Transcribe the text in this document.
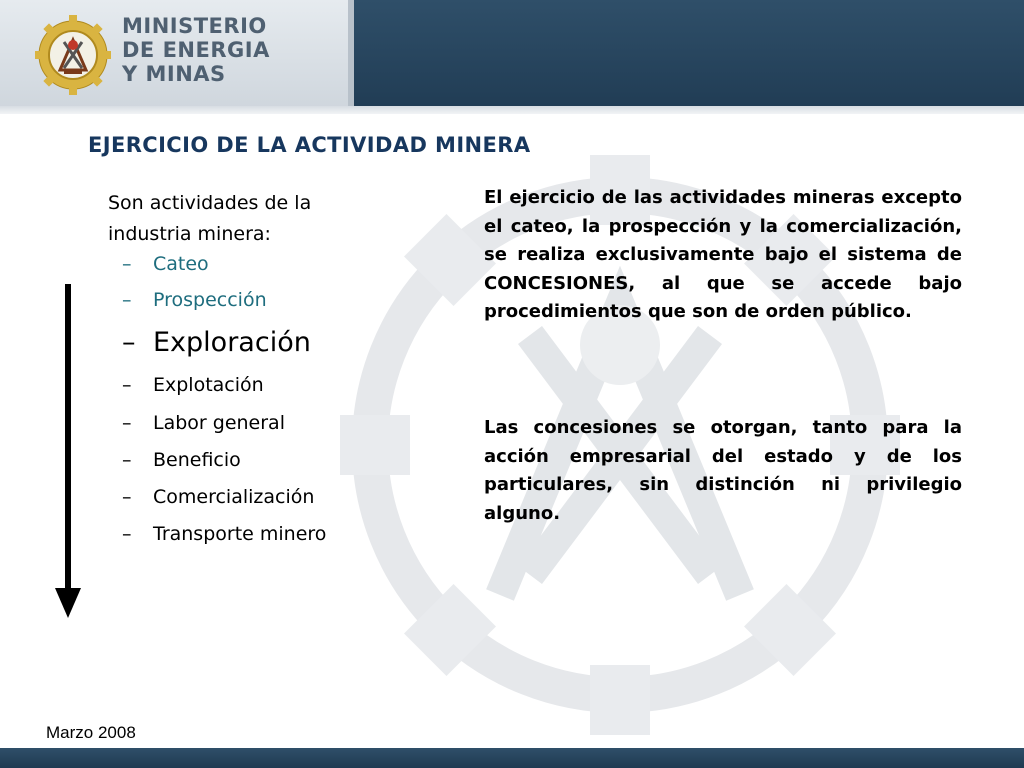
MINISTERIO
DE ENERGIA
Y MINAS
EJERCICIO DE LA ACTIVIDAD MINERA
Son actividades de la industria minera:
– Cateo
– Prospección
– Exploración
– Explotación
– Labor general
– Beneficio
– Comercialización
– Transporte minero
El ejercicio de las actividades mineras excepto el cateo, la prospección y la comercialización, se realiza exclusivamente bajo el sistema de CONCESIONES, al que se accede bajo procedimientos que son de orden público.
Las concesiones se otorgan, tanto para la acción empresarial del estado y de los particulares, sin distinción ni privilegio alguno.
Marzo 2008
